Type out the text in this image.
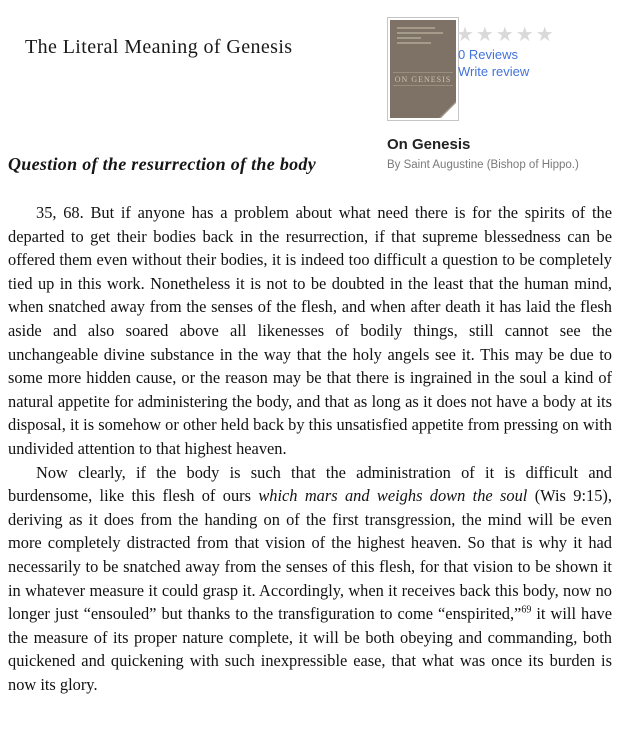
The Literal Meaning of Genesis
Question of the resurrection of the body

35, 68. But if anyone has a problem about what need there is for the spirits of the departed to get their bodies back in the resurrection, if that supreme blessedness can be offered them even without their bodies, it is indeed too difficult a question to be completely tied up in this work. Nonetheless it is not to be doubted in the least that the human mind, when snatched away from the senses of the flesh, and when after death it has laid the flesh aside and also soared above all likenesses of bodily things, still cannot see the unchangeable divine substance in the way that the holy angels see it. This may be due to some more hidden cause, or the reason may be that there is ingrained in the soul a kind of natural appetite for administering the body, and that as long as it does not have a body at its disposal, it is somehow or other held back by this unsatisfied appetite from pressing on with undivided attention to that highest heaven.

Now clearly, if the body is such that the administration of it is difficult and burdensome, like this flesh of ours which mars and weighs down the soul (Wis 9:15), deriving as it does from the handing on of the first transgression, the mind will be even more completely distracted from that vision of the highest heaven. So that is why it had necessarily to be snatched away from the senses of this flesh, for that vision to be shown it in whatever measure it could grasp it. Accordingly, when it receives back this body, now no longer just “ensouled” but thanks to the transfiguration to come “enspirited,”$^{69}$ it will have the measure of its proper nature complete, it will be both obeying and commanding, both quickened and quickening with such inexpressible ease, that what was once its burden is now its glory.

ON GENESIS
★★★★★
0 Reviews
Write review
On Genesis
By Saint Augustine (Bishop of Hippo.)
